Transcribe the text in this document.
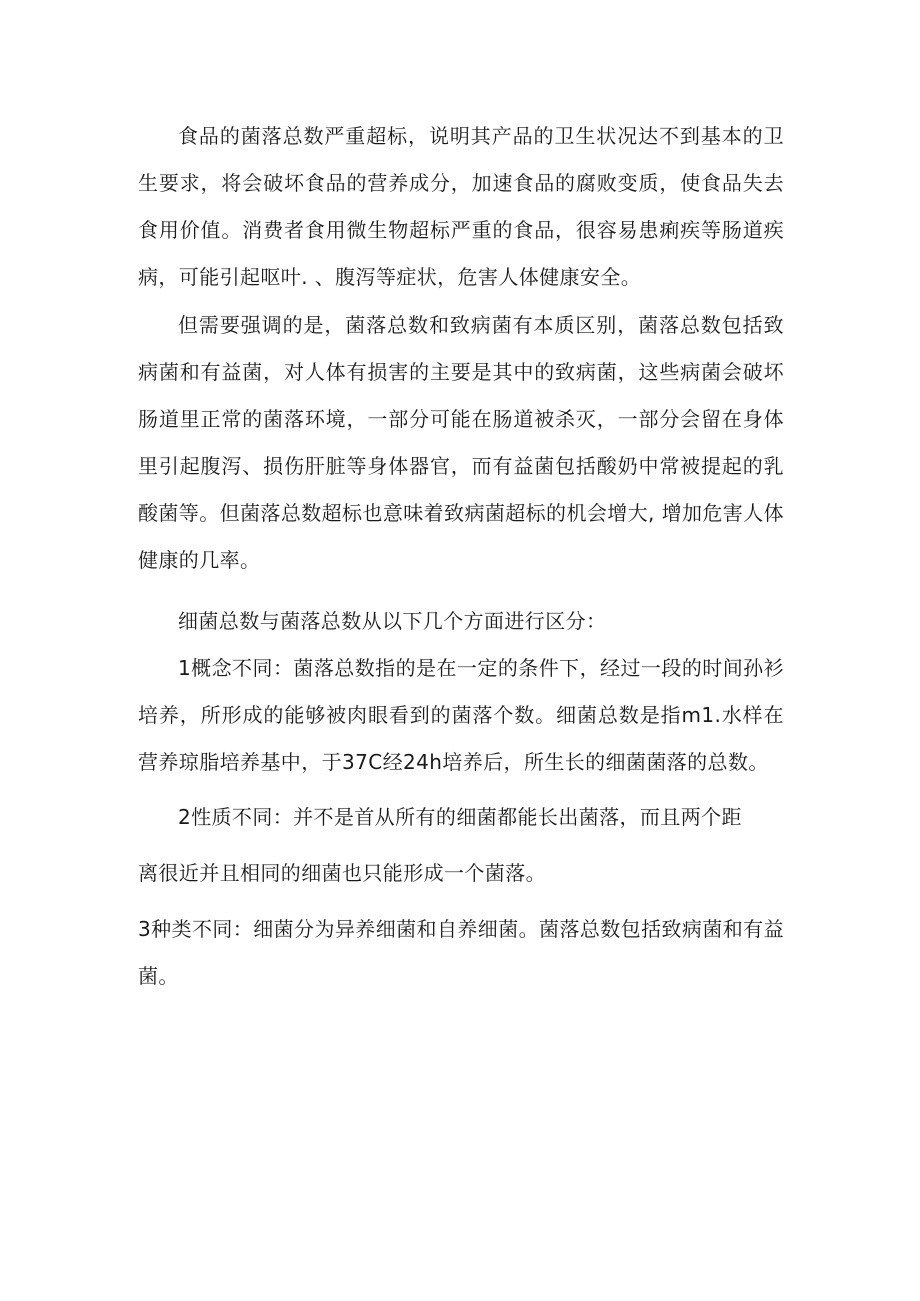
食品的菌落总数严重超标，说明其产品的卫生状况达不到基本的卫生要求，将会破坏食品的营养成分，加速食品的腐败变质，使食品失去食用价值。消费者食用微生物超标严重的食品，很容易患痢疾等肠道疾病，可能引起呕叶. 、腹泻等症状，危害人体健康安全。

但需要强调的是，菌落总数和致病菌有本质区别，菌落总数包括致病菌和有益菌，对人体有损害的主要是其中的致病菌，这些病菌会破坏肠道里正常的菌落环境，一部分可能在肠道被杀灭，一部分会留在身体里引起腹泻、损伤肝脏等身体器官，而有益菌包括酸奶中常被提起的乳酸菌等。但菌落总数超标也意味着致病菌超标的机会增大, 增加危害人体健康的几率。

细菌总数与菌落总数从以下几个方面进行区分：

1概念不同：菌落总数指的是在一定的条件下，经过一段的时间孙衫培养，所形成的能够被肉眼看到的菌落个数。细菌总数是指m1.水样在营养琼脂培养基中，于37C经24h培养后，所生长的细菌菌落的总数。

2性质不同：并不是首从所有的细菌都能长出菌落，而且两个距

离很近并且相同的细菌也只能形成一个菌落。

3种类不同：细菌分为异养细菌和自养细菌。菌落总数包括致病菌和有益菌。
